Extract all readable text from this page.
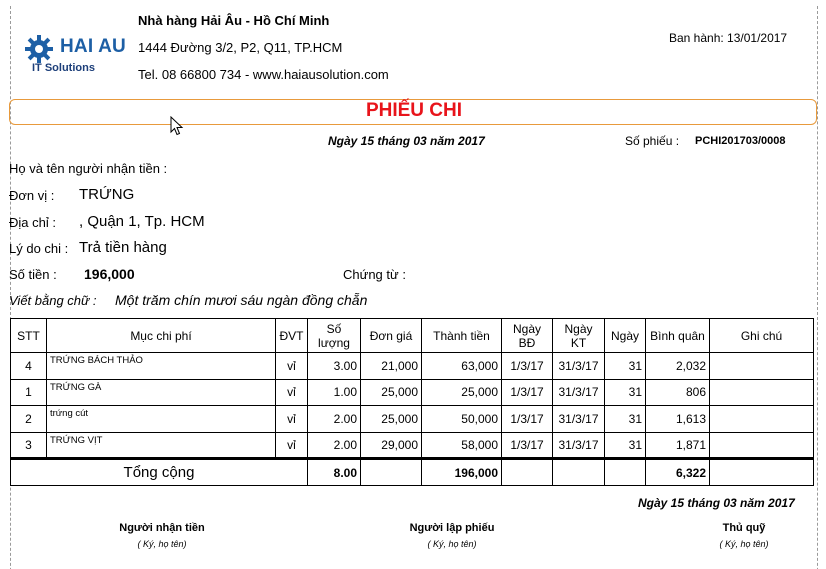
HAI AU
IT Solutions
Nhà hàng Hải Âu - Hồ Chí Minh
1444 Đường 3/2, P2, Q11, TP.HCM
Tel. 08 66800 734 - www.haiausolution.com
Ban hành: 13/01/2017
PHIẾU CHI
Ngày 15 tháng 03 năm 2017	Số phiếu : PCHI201703/0008
Họ và tên người nhận tiền :
Đơn vị : TRỨNG
Địa chỉ : , Quận 1, Tp. HCM
Lý do chi : Trả tiền hàng
Số tiền : 196,000	Chứng từ :
Viết bằng chữ : Một trăm chín mươi sáu ngàn đồng chẵn
STT	Mục chi phí	ĐVT	Số lượng	Đơn giá	Thành tiền	Ngày BĐ	Ngày KT	Ngày	Bình quân	Ghi chú
4	TRỨNG BÁCH THẢO	vỉ	3.00	21,000	63,000	1/3/17	31/3/17	31	2,032	
1	TRỨNG GÀ	vỉ	1.00	25,000	25,000	1/3/17	31/3/17	31	806	
2	trứng cút	vỉ	2.00	25,000	50,000	1/3/17	31/3/17	31	1,613	
3	TRỨNG VỊT	vỉ	2.00	29,000	58,000	1/3/17	31/3/17	31	1,871	
Tổng cộng			8.00		196,000				6,322	
Ngày 15 tháng 03 năm 2017
Người nhận tiền
( Ký, họ tên)
Người lập phiếu
( Ký, họ tên)
Thủ quỹ
( Ký, họ tên)
